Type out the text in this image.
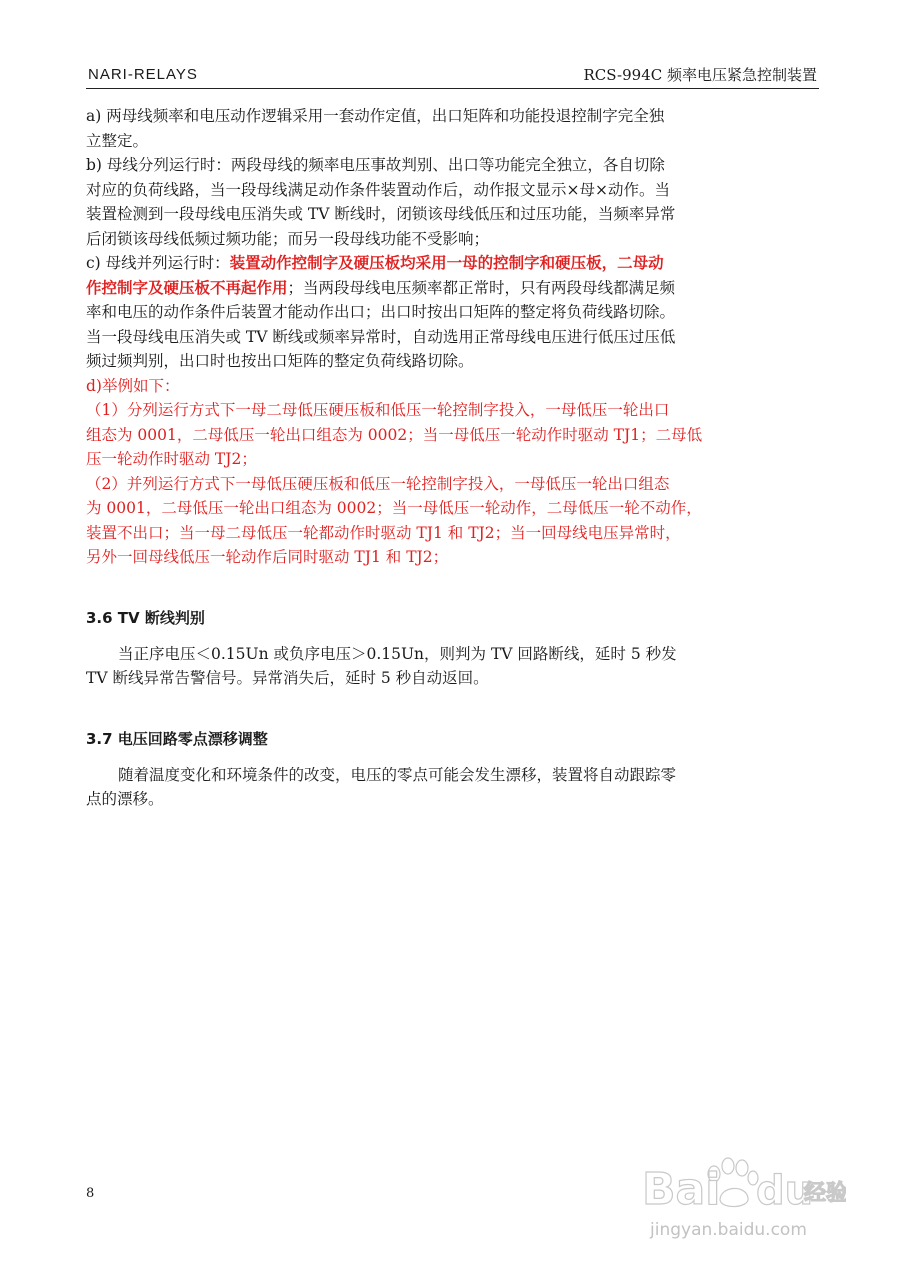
NARI-RELAYS	RCS-994C 频率电压紧急控制装置
a) 两母线频率和电压动作逻辑采用一套动作定值，出口矩阵和功能投退控制字完全独
立整定。
b) 母线分列运行时：两段母线的频率电压事故判别、出口等功能完全独立，各自切除
对应的负荷线路，当一段母线满足动作条件装置动作后，动作报文显示×母×动作。当
装置检测到一段母线电压消失或 TV 断线时，闭锁该母线低压和过压功能，当频率异常
后闭锁该母线低频过频功能；而另一段母线功能不受影响；
c) 母线并列运行时：装置动作控制字及硬压板均采用一母的控制字和硬压板，二母动
作控制字及硬压板不再起作用；当两段母线电压频率都正常时，只有两段母线都满足频
率和电压的动作条件后装置才能动作出口；出口时按出口矩阵的整定将负荷线路切除。
当一段母线电压消失或 TV 断线或频率异常时，自动选用正常母线电压进行低压过压低
频过频判别，出口时也按出口矩阵的整定负荷线路切除。
d)举例如下：
（1）分列运行方式下一母二母低压硬压板和低压一轮控制字投入，一母低压一轮出口
组态为 0001，二母低压一轮出口组态为 0002；当一母低压一轮动作时驱动 TJ1；二母低
压一轮动作时驱动 TJ2；
（2）并列运行方式下一母低压硬压板和低压一轮控制字投入，一母低压一轮出口组态
为 0001，二母低压一轮出口组态为 0002；当一母低压一轮动作，二母低压一轮不动作，
装置不出口；当一母二母低压一轮都动作时驱动 TJ1 和 TJ2；当一回母线电压异常时，
另外一回母线低压一轮动作后同时驱动 TJ1 和 TJ2；
3.6 TV 断线判别
当正序电压＜0.15Un 或负序电压＞0.15Un，则判为 TV 回路断线，延时 5 秒发
TV 断线异常告警信号。异常消失后，延时 5 秒自动返回。
3.7 电压回路零点漂移调整
随着温度变化和环境条件的改变，电压的零点可能会发生漂移，装置将自动跟踪零
点的漂移。
8	Bai du
经验
jingyan.baidu.com
